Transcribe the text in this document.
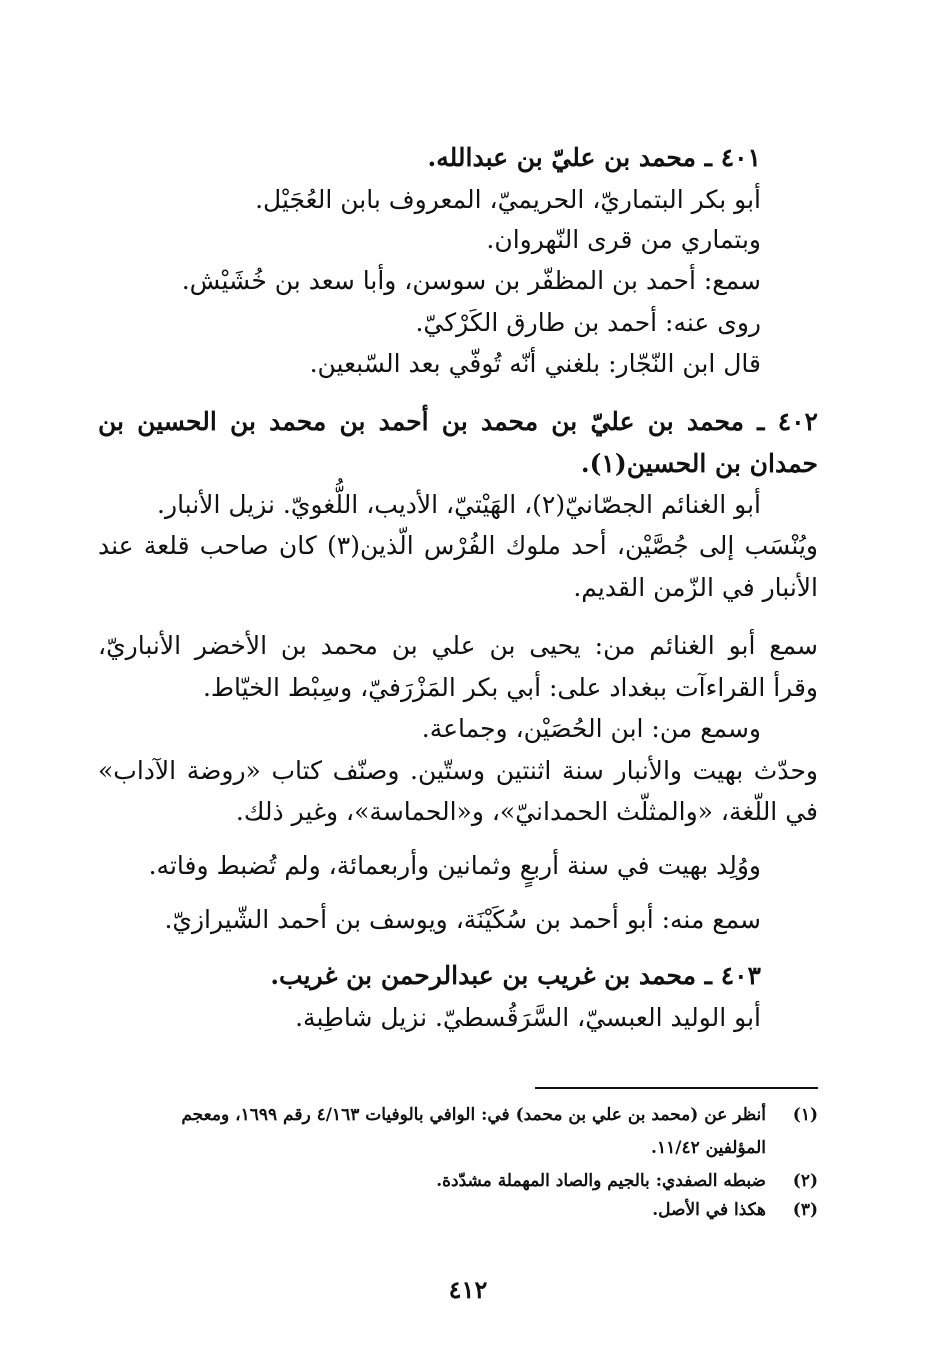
٤٠١ ـ محمد بن عليّ بن عبدالله.
أبو بكر البتماريّ، الحريميّ، المعروف بابن العُجَيْل.
وبتماري من قرى النّهروان.
سمع: أحمد بن المظفّر بن سوسن، وأبا سعد بن خُشَيْش.
روى عنه: أحمد بن طارق الكَرْكيّ.
قال ابن النّجّار: بلغني أنّه تُوفّي بعد السّبعين.
٤٠٢ ـ محمد بن عليّ بن محمد بن أحمد بن محمد بن الحسين بن
حمدان بن الحسين(١).
أبو الغنائم الجصّانيّ(٢)، الهَيْتيّ، الأديب، اللُّغويّ. نزيل الأنبار.
ويُنْسَب إلى جُصَّيْن، أحد ملوك الفُرْس الّذين(٣) كان صاحب قلعة عند
الأنبار في الزّمن القديم.
سمع أبو الغنائم من: يحيى بن علي بن محمد بن الأخضر الأنباريّ،
وقرأ القراءآت ببغداد على: أبي بكر المَزْرَفيّ، وسِبْط الخيّاط.
وسمع من: ابن الحُصَيْن، وجماعة.
وحدّث بهيت والأنبار سنة اثنتين وستّين. وصنّف كتاب «روضة الآداب»
في اللّغة، «والمثلّث الحمدانيّ»، و«الحماسة»، وغير ذلك.
ووُلِد بهيت في سنة أربعٍ وثمانين وأربعمائة، ولم تُضبط وفاته.
سمع منه: أبو أحمد بن سُكَيْنَة، ويوسف بن أحمد الشّيرازيّ.
٤٠٣ ـ محمد بن غريب بن عبدالرحمن بن غريب.
أبو الوليد العبسيّ، السَّرَقُسطيّ. نزيل شاطِبة.
(١)أنظر عن (محمد بن علي بن محمد) في: الوافي بالوفيات ٤/١٦٣ رقم ١٦٩٩، ومعجم
المؤلفين ١١/٤٢.
(٢)ضبطه الصفدي: بالجيم والصاد المهملة مشدّدة.
(٣)هكذا في الأصل.
٤١٢
